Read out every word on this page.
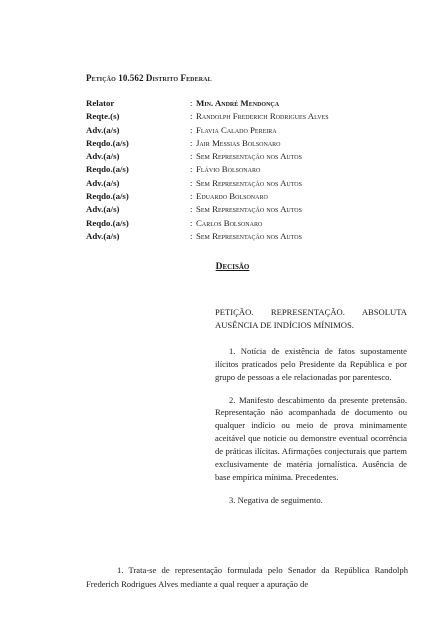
Petição 10.562 Distrito Federal
Relator	: Min. André Mendonça
Reqte.(s)	: Randolph Frederich Rodrigues Alves
Adv.(a/s)	: Flavia Calado Pereira
Reqdo.(a/s)	: Jair Messias Bolsonaro
Adv.(a/s)	: Sem Representação nos Autos
Reqdo.(a/s)	: Flávio Bolsonaro
Adv.(a/s)	: Sem Representação nos Autos
Reqdo.(a/s)	: Eduardo Bolsonaro
Adv.(a/s)	: Sem Representação nos Autos
Reqdo.(a/s)	: Carlos Bolsonaro
Adv.(a/s)	: Sem Representação nos Autos
Decisão

PETIÇÃO. REPRESENTAÇÃO. ABSOLUTA AUSÊNCIA DE INDÍCIOS MÍNIMOS.

1. Notícia de existência de fatos supostamente ilícitos praticados pelo Presidente da República e por grupo de pessoas a ele relacionadas por parentesco.

2. Manifesto descabimento da presente pretensão. Representação não acompanhada de documento ou qualquer indício ou meio de prova minimamente aceitável que noticie ou demonstre eventual ocorrência de práticas ilícitas. Afirmações conjecturais que partem exclusivamente de matéria jornalística. Ausência de base empírica mínima. Precedentes.

3. Negativa de seguimento.

1. Trata-se de representação formulada pelo Senador da República Randolph Frederich Rodrigues Alves mediante a qual requer a apuração de
